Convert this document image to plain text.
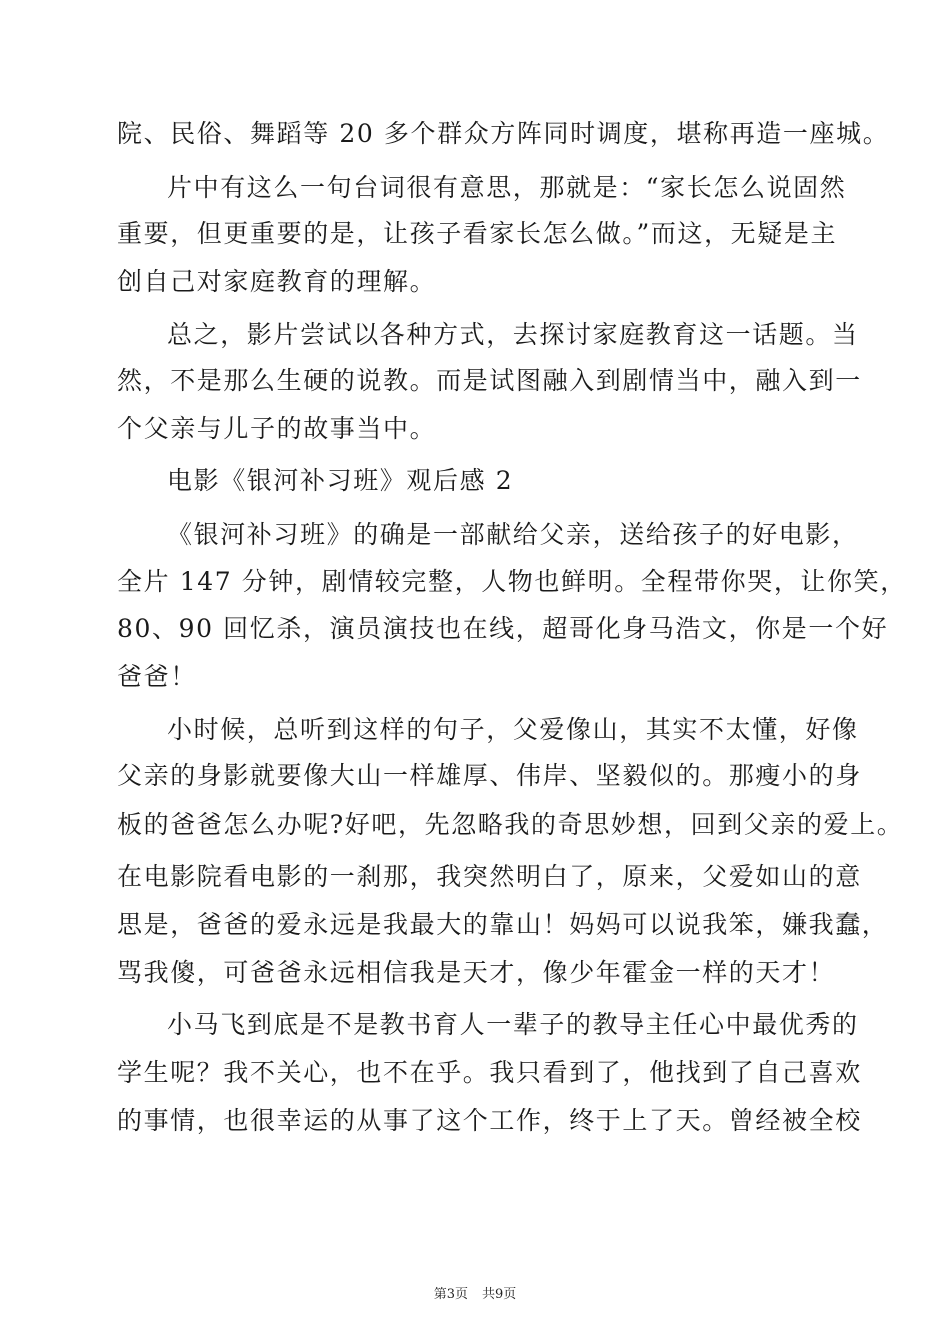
院、民俗、舞蹈等 20 多个群众方阵同时调度，堪称再造一座城。
片中有这么一句台词很有意思，那就是：“家长怎么说固然
重要，但更重要的是，让孩子看家长怎么做。”而这，无疑是主
创自己对家庭教育的理解。
总之，影片尝试以各种方式，去探讨家庭教育这一话题。当
然，不是那么生硬的说教。而是试图融入到剧情当中，融入到一
个父亲与儿子的故事当中。
电影《银河补习班》观后感 2
《银河补习班》的确是一部献给父亲，送给孩子的好电影，
全片 147 分钟，剧情较完整，人物也鲜明。全程带你哭，让你笑，
80、90 回忆杀，演员演技也在线，超哥化身马浩文，你是一个好
爸爸！
小时候，总听到这样的句子，父爱像山，其实不太懂，好像
父亲的身影就要像大山一样雄厚、伟岸、坚毅似的。那瘦小的身
板的爸爸怎么办呢?好吧，先忽略我的奇思妙想，回到父亲的爱上。
在电影院看电影的一刹那，我突然明白了，原来，父爱如山的意
思是，爸爸的爱永远是我最大的靠山！妈妈可以说我笨，嫌我蠢，
骂我傻，可爸爸永远相信我是天才，像少年霍金一样的天才！
小马飞到底是不是教书育人一辈子的教导主任心中最优秀的
学生呢？我不关心，也不在乎。我只看到了，他找到了自己喜欢
的事情，也很幸运的从事了这个工作，终于上了天。曾经被全校
第3页 共9页
